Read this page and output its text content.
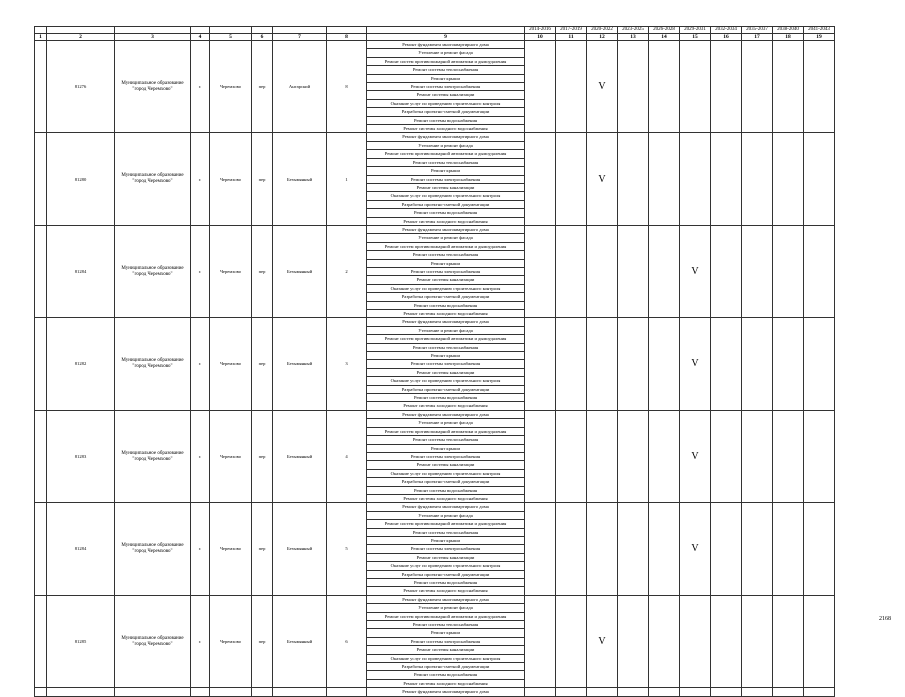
									2014-2016	2017-2019	2020-2022	2023-2025	2026-2028	2029-2031	2032-2034	2035-2037	2038-2040	2041-2043
1	2	3	4	5	6	7	8	9	10	11	12	13	14	15	16	17	18	19
	81276	Муниципальное образование "город Черемхово"	г.	Черемхово	пер	Ангарский	8	Ремонт фундамента многоквартирного дома			V							
								Утепление и ремонт фасада										
								Ремонт систем противопожарной автоматики и дымоудаления										
								Ремонт системы теплоснабжения										
								Ремонт крыши										
								Ремонт системы электроснабжения										
								Ремонт системы канализации										
								Оказание услуг по проведению строительного контроля										
								Разработка проектно-сметной документации										
								Ремонт системы водоснабжения										
								Ремонт системы холодного водоснабжения										
	81280	Муниципальное образование "город Черемхово"	г.	Черемхово	пер	Безымянный	1	Ремонт фундамента многоквартирного дома			V							
								Утепление и ремонт фасада										
								Ремонт систем противопожарной автоматики и дымоудаления										
								Ремонт системы теплоснабжения										
								Ремонт крыши										
								Ремонт системы электроснабжения										
								Ремонт системы канализации										
								Оказание услуг по проведению строительного контроля										
								Разработка проектно-сметной документации										
								Ремонт системы водоснабжения										
								Ремонт системы холодного водоснабжения										
	81284	Муниципальное образование "город Черемхово"	г.	Черемхово	пер	Безымянный	2	Ремонт фундамента многоквартирного дома						V				
								Утепление и ремонт фасада										
								Ремонт систем противопожарной автоматики и дымоудаления										
								Ремонт системы теплоснабжения										
								Ремонт крыши										
								Ремонт системы электроснабжения										
								Ремонт системы канализации										
								Оказание услуг по проведению строительного контроля										
								Разработка проектно-сметной документации										
								Ремонт системы водоснабжения										
								Ремонт системы холодного водоснабжения										
	81282	Муниципальное образование "город Черемхово"	г.	Черемхово	пер	Безымянный	3	Ремонт фундамента многоквартирного дома						V				
								Утепление и ремонт фасада										
								Ремонт систем противопожарной автоматики и дымоудаления										
								Ремонт системы теплоснабжения										
								Ремонт крыши										
								Ремонт системы электроснабжения										
								Ремонт системы канализации										
								Оказание услуг по проведению строительного контроля										
								Разработка проектно-сметной документации										
								Ремонт системы водоснабжения										
								Ремонт системы холодного водоснабжения										
	81283	Муниципальное образование "город Черемхово"	г.	Черемхово	пер	Безымянный	4	Ремонт фундамента многоквартирного дома						V				
								Утепление и ремонт фасада										
								Ремонт систем противопожарной автоматики и дымоудаления										
								Ремонт системы теплоснабжения										
								Ремонт крыши										
								Ремонт системы электроснабжения										
								Ремонт системы канализации										
								Оказание услуг по проведению строительного контроля										
								Разработка проектно-сметной документации										
								Ремонт системы водоснабжения										
								Ремонт системы холодного водоснабжения										
	81284	Муниципальное образование "город Черемхово"	г.	Черемхово	пер	Безымянный	5	Ремонт фундамента многоквартирного дома						V				
								Утепление и ремонт фасада										
								Ремонт систем противопожарной автоматики и дымоудаления										
								Ремонт системы теплоснабжения										
								Ремонт крыши										
								Ремонт системы электроснабжения										
								Ремонт системы канализации										
								Оказание услуг по проведению строительного контроля										
								Разработка проектно-сметной документации										
								Ремонт системы водоснабжения										
								Ремонт системы холодного водоснабжения										
	81285	Муниципальное образование "город Черемхово"	г.	Черемхово	пер	Безымянный	6	Ремонт фундамента многоквартирного дома			V							
								Утепление и ремонт фасада										
								Ремонт систем противопожарной автоматики и дымоудаления										
								Ремонт системы теплоснабжения										
								Ремонт крыши										
								Ремонт системы электроснабжения										
								Ремонт системы канализации										
								Оказание услуг по проведению строительного контроля										
								Разработка проектно-сметной документации										
								Ремонт системы водоснабжения										
								Ремонт системы холодного водоснабжения										
								Ремонт фундамента многоквартирного дома										
2168
